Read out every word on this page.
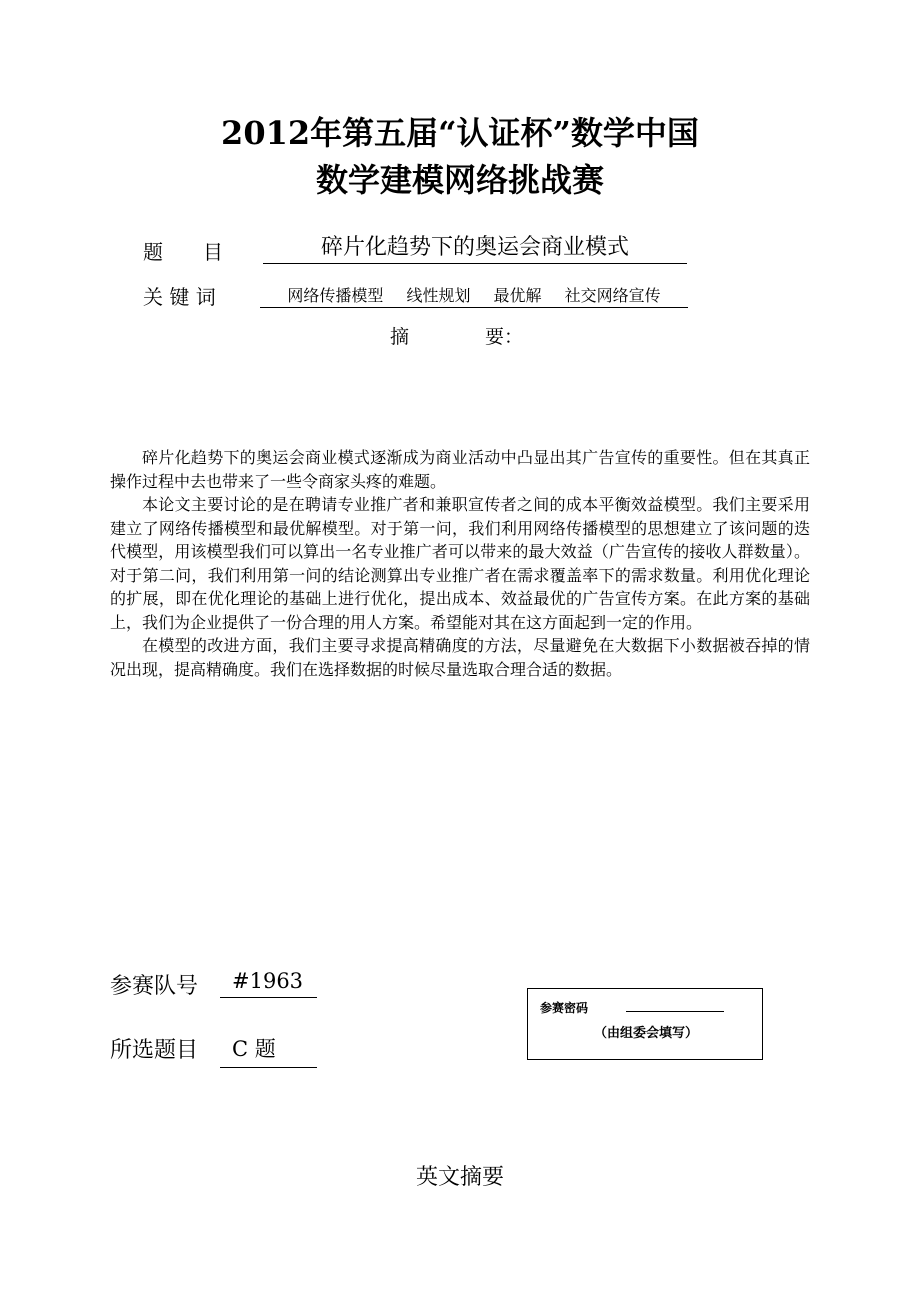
2012年第五届“认证杯”数学中国
数学建模网络挑战赛
题　　目	碎片化趋势下的奥运会商业模式
关 键 词	网络传播模型 线性规划 最优解 社交网络宣传
摘　　　　要：

碎片化趋势下的奥运会商业模式逐渐成为商业活动中凸显出其广告宣传的重要性。但在其真正操作过程中去也带来了一些令商家头疼的难题。

本论文主要讨论的是在聘请专业推广者和兼职宣传者之间的成本平衡效益模型。我们主要采用建立了网络传播模型和最优解模型。对于第一问，我们利用网络传播模型的思想建立了该问题的迭代模型，用该模型我们可以算出一名专业推广者可以带来的最大效益（广告宣传的接收人群数量）。对于第二问，我们利用第一问的结论测算出专业推广者在需求覆盖率下的需求数量。利用优化理论的扩展，即在优化理论的基础上进行优化，提出成本、效益最优的广告宣传方案。在此方案的基础上，我们为企业提供了一份合理的用人方案。希望能对其在这方面起到一定的作用。

在模型的改进方面，我们主要寻求提高精确度的方法，尽量避免在大数据下小数据被吞掉的情况出现，提高精确度。我们在选择数据的时候尽量选取合理合适的数据。

参赛队号	#1963
所选题目	C 题
参赛密码
（由组委会填写）
英文摘要
